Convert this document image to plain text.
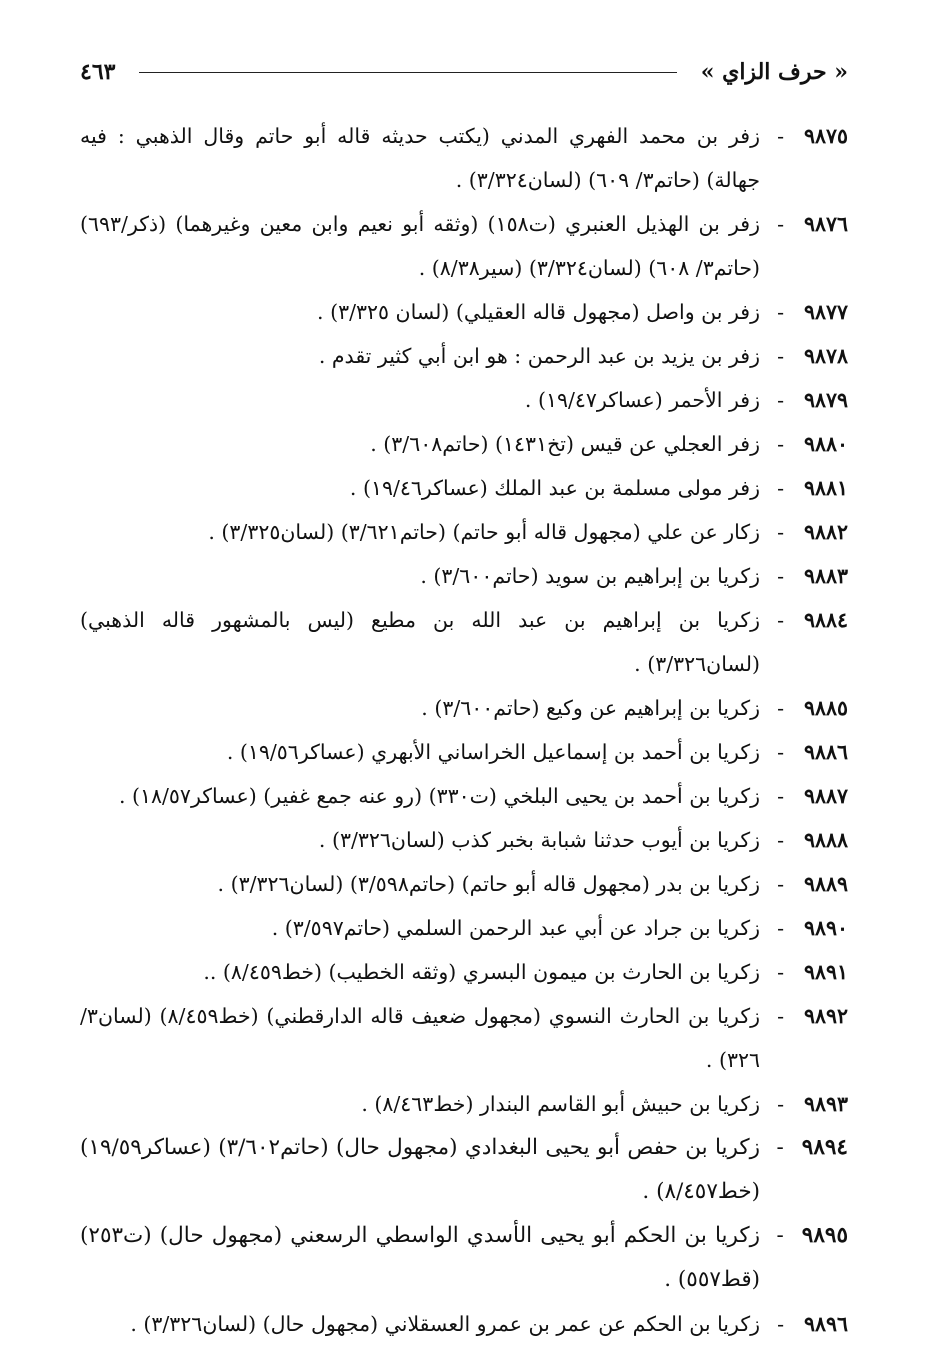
« حرف الزاي »
٤٦٣

٩٨٧٥-زفر بن محمد الفهري المدني (يكتب حديثه قاله أبو حاتم وقال الذهبي : فيه جهالة) (حاتم٣/ ٦٠٩) (لسان٣/٣٢٤) .

٩٨٧٦-زفر بن الهذيل العنبري (ت١٥٨) (وثقه أبو نعيم وابن معين وغيرهما) (ذكر/٦٩٣) (حاتم٣/ ٦٠٨) (لسان٣/٣٢٤) (سير٨/٣٨) .

٩٨٧٧-زفر بن واصل (مجهول قاله العقيلي) (لسان ٣/٣٢٥) .

٩٨٧٨-زفر بن يزيد بن عبد الرحمن : هو ابن أبي كثير تقدم .

٩٨٧٩-زفر الأحمر (عساكر١٩/٤٧) .

٩٨٨٠-زفر العجلي عن قيس (تخ١٤٣١) (حاتم٣/٦٠٨) .

٩٨٨١-زفر مولى مسلمة بن عبد الملك (عساكر١٩/٤٦) .

٩٨٨٢-زكار عن علي (مجهول قاله أبو حاتم) (حاتم٣/٦٢١) (لسان٣/٣٢٥) .

٩٨٨٣-زكريا بن إبراهيم بن سويد (حاتم٣/٦٠٠) .

٩٨٨٤-زكريا بن إبراهيم بن عبد الله بن مطيع (ليس بالمشهور قاله الذهبي) (لسان٣/٣٢٦) .

٩٨٨٥-زكريا بن إبراهيم عن وكيع (حاتم٣/٦٠٠) .

٩٨٨٦-زكريا بن أحمد بن إسماعيل الخراساني الأبهري (عساكر١٩/٥٦) .

٩٨٨٧-زكريا بن أحمد بن يحيى البلخي (ت٣٣٠) (رو عنه جمع غفير) (عساكر١٨/٥٧) .

٩٨٨٨-زكريا بن أيوب حدثنا شبابة بخبر كذب (لسان٣/٣٢٦) .

٩٨٨٩-زكريا بن بدر (مجهول قاله أبو حاتم) (حاتم٣/٥٩٨) (لسان٣/٣٢٦) .

٩٨٩٠-زكريا بن جراد عن أبي عبد الرحمن السلمي (حاتم٣/٥٩٧) .

٩٨٩١-زكريا بن الحارث بن ميمون البسري (وثقه الخطيب) (خط٨/٤٥٩) ..

٩٨٩٢-زكريا بن الحارث النسوي (مجهول ضعيف قاله الدارقطني) (خط٨/٤٥٩) (لسان٣/ ٣٢٦) .

٩٨٩٣-زكريا بن حبيش أبو القاسم البندار (خط٨/٤٦٣) .

٩٨٩٤-زكريا بن حفص أبو يحيى البغدادي (مجهول حال) (حاتم٣/٦٠٢) (عساكر١٩/٥٩) (خط٨/٤٥٧) .

٩٨٩٥-زكريا بن الحكم أبو يحيى الأسدي الواسطي الرسعني (مجهول حال) (ت٢٥٣) (قط٥٥٧) .

٩٨٩٦-زكريا بن الحكم عن عمر بن عمرو العسقلاني (مجهول حال) (لسان٣/٣٢٦) .
